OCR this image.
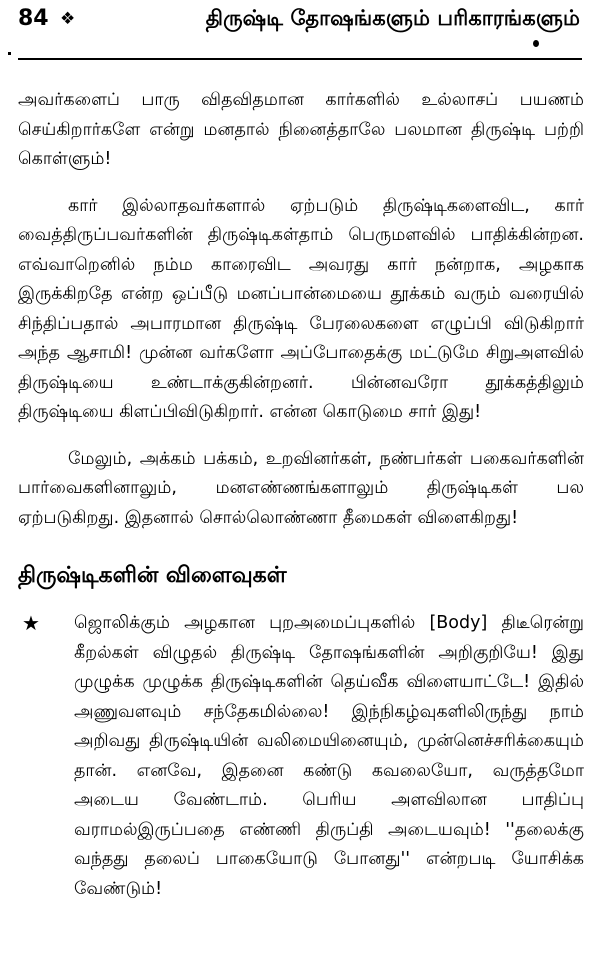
84 ❖	திருஷ்டி தோஷங்களும் பரிகாரங்களும்

அவர்களைப் பாரு விதவிதமான கார்களில் உல்லாசப் பயணம் செய்கிறார்களே என்று மனதால் நினைத்தாலே பலமான திருஷ்டி பற்றி கொள்ளும்!

கார் இல்லாதவர்களால் ஏற்படும் திருஷ்டிகளைவிட, கார் வைத்திருப்பவர்களின் திருஷ்டிகள்தாம் பெருமளவில் பாதிக்கின்றன. எவ்வாறெனில் நம்ம காரைவிட அவரது கார் நன்றாக, அழகாக இருக்கிறதே என்ற ஒப்பீடு மனப்பான்மையை தூக்கம் வரும் வரையில் சிந்திப்பதால் அபாரமான திருஷ்டி பேரலைகளை எழுப்பி விடுகிறார் அந்த ஆசாமி! முன்ன வர்களோ அப்போதைக்கு மட்டுமே சிறுஅளவில் திருஷ்டியை உண்டாக்குகின்றனர். பின்னவரோ தூக்கத்திலும் திருஷ்டியை கிளப்பிவிடுகிறார். என்ன கொடுமை சார் இது!

மேலும், அக்கம் பக்கம், உறவினர்கள், நண்பர்கள் பகைவர்களின் பார்வைகளினாலும், மனஎண்ணங்களாலும் திருஷ்டிகள் பல ஏற்படுகிறது. இதனால் சொல்லொண்ணா தீமைகள் விளைகிறது!

திருஷ்டிகளின் விளைவுகள்
★	ஜொலிக்கும் அழகான புறஅமைப்புகளில் [Body] திடீரென்று கீறல்கள் விழுதல் திருஷ்டி தோஷங்களின் அறிகுறியே! இது முழுக்க முழுக்க திருஷ்டிகளின் தெய்வீக விளையாட்டே! இதில் அணுவளவும் சந்தேகமில்லை! இந்நிகழ்வுகளிலிருந்து நாம் அறிவது திருஷ்டியின் வலிமையினையும், முன்னெச்சரிக்கையும் தான். எனவே, இதனை கண்டு கவலையோ, வருத்தமோ அடைய வேண்டாம். பெரிய அளவிலான பாதிப்பு வராமல்இருப்பதை எண்ணி திருப்தி அடையவும்! ''தலைக்கு வந்தது தலைப் பாகையோடு போனது'' என்றபடி யோசிக்க வேண்டும்!
